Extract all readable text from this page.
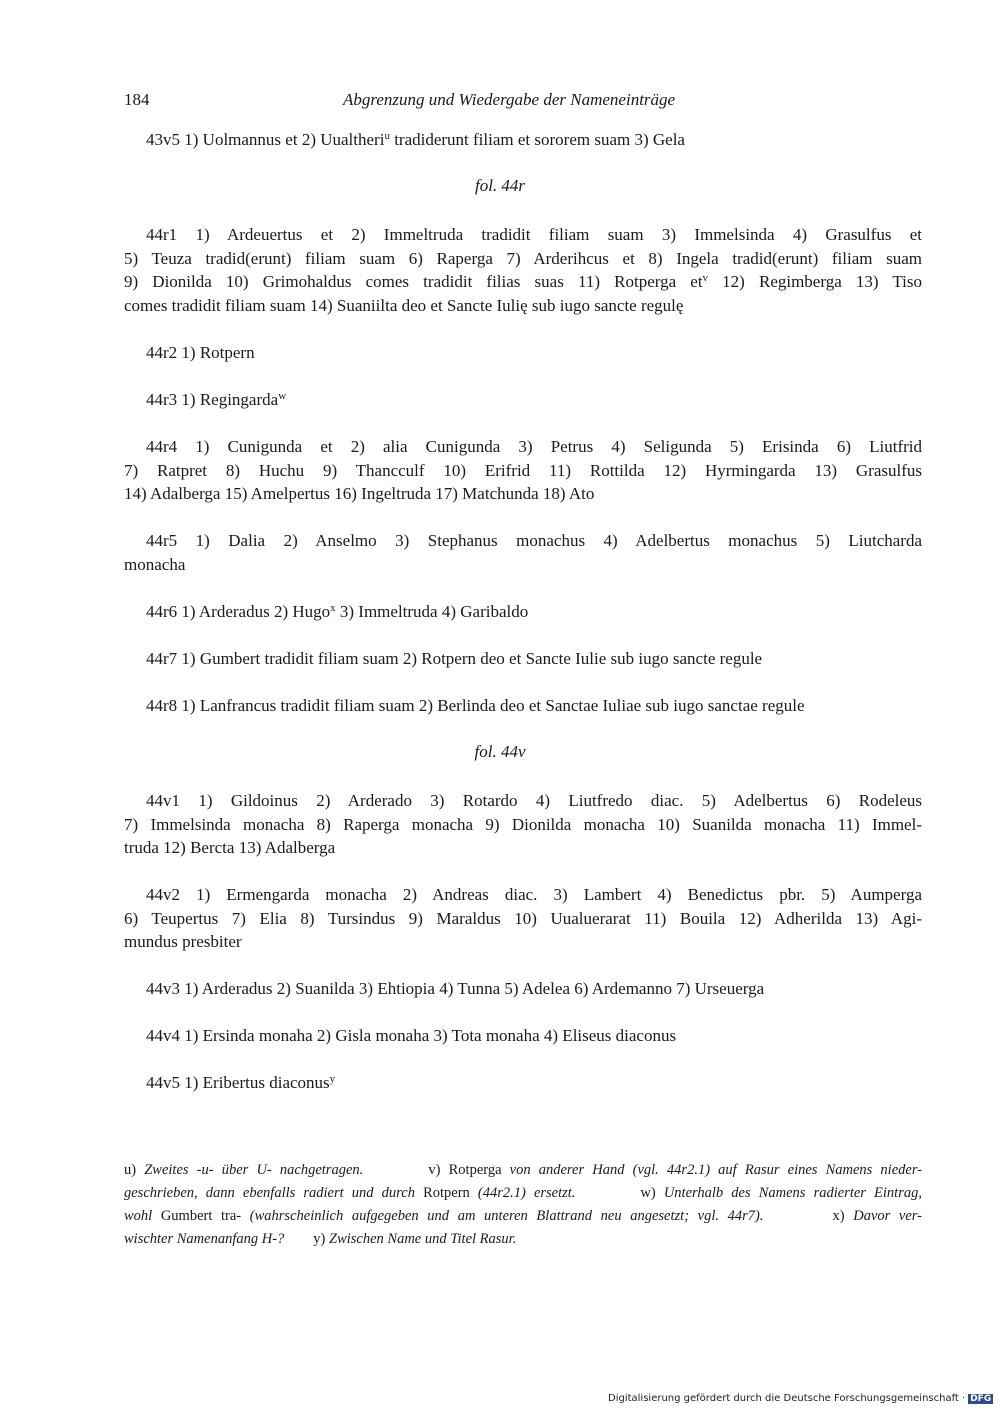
184	Abgrenzung und Wiedergabe der Nameneinträge
43v5 1) Uolmannus et 2) Uualtheri$^u$ tradiderunt filiam et sororem suam 3) Gela
fol. 44r
44r1 1) Ardeuertus et 2) Immeltruda tradidit filiam suam 3) Immelsinda 4) Grasulfus et
5) Teuza tradid(erunt) filiam suam 6) Raperga 7) Arderihcus et 8) Ingela tradid(erunt) filiam suam
9) Dionilda 10) Grimohaldus comes tradidit filias suas 11) Rotperga $et^v$ 12) Regimberga 13) Tiso
comes tradidit filiam suam 14) Suaniilta deo et Sancte Iulię sub iugo sancte regulę
44r2 1) Rotpern
44r3 1) Regingarda$^w$
44r4 1) Cunigunda et 2) alia Cunigunda 3) Petrus 4) Seligunda 5) Erisinda 6) Liutfrid
7) Ratpret 8) Huchu 9) Thancculf 10) Erifrid 11) Rottilda 12) Hyrmingarda 13) Grasulfus
14) Adalberga 15) Amelpertus 16) Ingeltruda 17) Matchunda 18) Ato
44r5 1) Dalia 2) Anselmo 3) Stephanus monachus 4) Adelbertus monachus 5) Liutcharda
monacha
44r6 1) Arderadus 2) Hugo$^x$ 3) Immeltruda 4) Garibaldo
44r7 1) Gumbert tradidit filiam suam 2) Rotpern deo et Sancte Iulie sub iugo sancte regule
44r8 1) Lanfrancus tradidit filiam suam 2) Berlinda deo et Sanctae Iuliae sub iugo sanctae regule
fol. 44v
44v1 1) Gildoinus 2) Arderado 3) Rotardo 4) Liutfredo diac. 5) Adelbertus 6) Rodeleus
7) Immelsinda monacha 8) Raperga monacha 9) Dionilda monacha 10) Suanilda monacha 11) Immel-
truda 12) Bercta 13) Adalberga
44v2 1) Ermengarda monacha 2) Andreas diac. 3) Lambert 4) Benedictus pbr. 5) Aumperga
6) Teupertus 7) Elia 8) Tursindus 9) Maraldus 10) Uualuerarat 11) Bouila 12) Adherilda 13) Agi-
mundus presbiter
44v3 1) Arderadus 2) Suanilda 3) Ehtiopia 4) Tunna 5) Adelea 6) Ardemanno 7) Urseuerga
44v4 1) Ersinda monaha 2) Gisla monaha 3) Tota monaha 4) Eliseus diaconus
44v5 1) Eribertus diaconus$^y$
u) Zweites -u- über U- nachgetragen.        v) Rotperga von anderer Hand (vgl. 44r2.1) auf Rasur eines Namens nieder-
geschrieben, dann ebenfalls radiert und durch Rotpern (44r2.1) ersetzt.        w) Unterhalb des Namens radierter Eintrag,
wohl Gumbert tra- (wahrscheinlich aufgegeben und am unteren Blattrand neu angesetzt; vgl. 44r7).        x) Davor ver-
wischter Namenanfang H-?        y) Zwischen Name und Titel Rasur.
Digitalisierung gefördert durch die Deutsche Forschungsgemeinschaft · DFG
